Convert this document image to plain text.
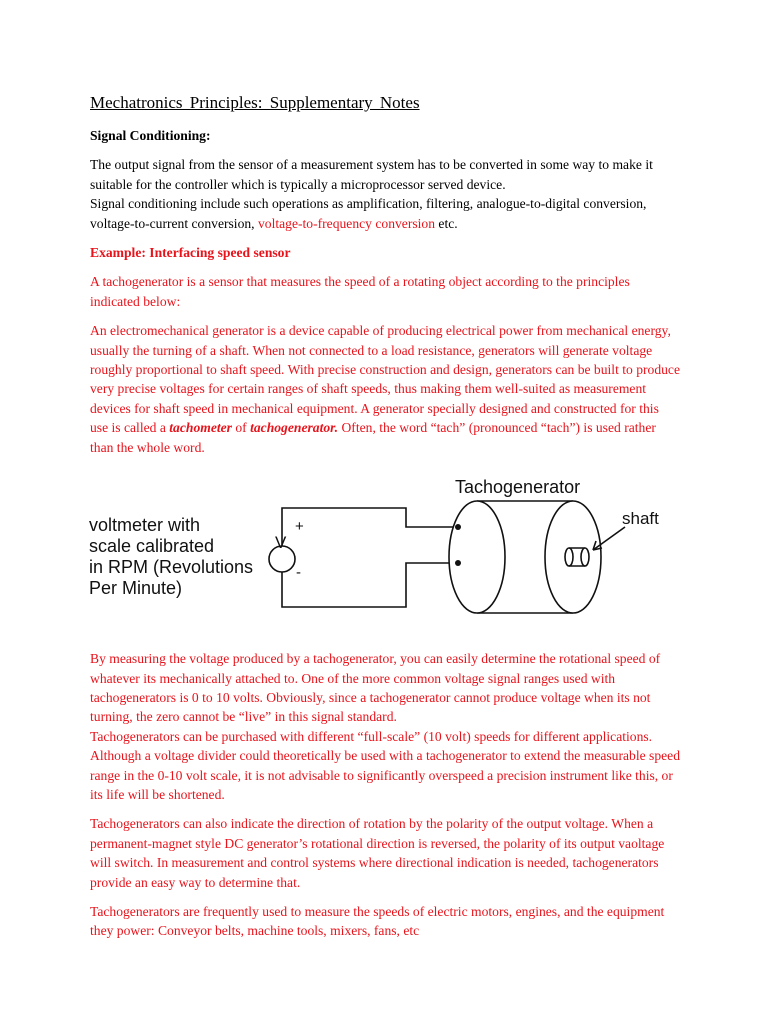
Mechatronics Principles: Supplementary Notes

Signal Conditioning:

The output signal from the sensor of a measurement system has to be converted in some way to make it suitable for the controller which is typically a microprocessor served device.

Signal conditioning include such operations as amplification, filtering, analogue-to-digital conversion, voltage-to-current conversion, voltage-to-frequency conversion etc.

Example: Interfacing speed sensor

A tachogenerator is a sensor that measures the speed of a rotating object according to the principles indicated below:

An electromechanical generator is a device capable of producing electrical power from mechanical energy, usually the turning of a shaft. When not connected to a load resistance, generators will generate voltage roughly proportional to shaft speed. With precise construction and design, generators can be built to produce very precise voltages for certain ranges of shaft speeds, thus making them well-suited as measurement devices for shaft speed in mechanical equipment. A generator specially designed and constructed for this use is called a tachometer of tachogenerator. Often, the word “tach” (pronounced “tach”) is used rather than the whole word.

voltmeter with
scale calibrated
in RPM (Revolutions
Per Minute)
V
+
-
Tachogenerator
shaft

By measuring the voltage produced by a tachogenerator, you can easily determine the rotational speed of whatever its mechanically attached to. One of the more common voltage signal ranges used with tachogenerators is 0 to 10 volts. Obviously, since a tachogenerator cannot produce voltage when its not turning, the zero cannot be “live” in this signal standard.

Tachogenerators can be purchased with different “full-scale” (10 volt) speeds for different applications. Although a voltage divider could theoretically be used with a tachogenerator to extend the measurable speed range in the 0-10 volt scale, it is not advisable to significantly overspeed a precision instrument like this, or its life will be shortened.

Tachogenerators can also indicate the direction of rotation by the polarity of the output voltage. When a permanent-magnet style DC generator’s rotational direction is reversed, the polarity of its output vaoltage will switch. In measurement and control systems where directional indication is needed, tachogenerators provide an easy way to determine that.

Tachogenerators are frequently used to measure the speeds of electric motors, engines, and the equipment they power: Conveyor belts, machine tools, mixers, fans, etc
